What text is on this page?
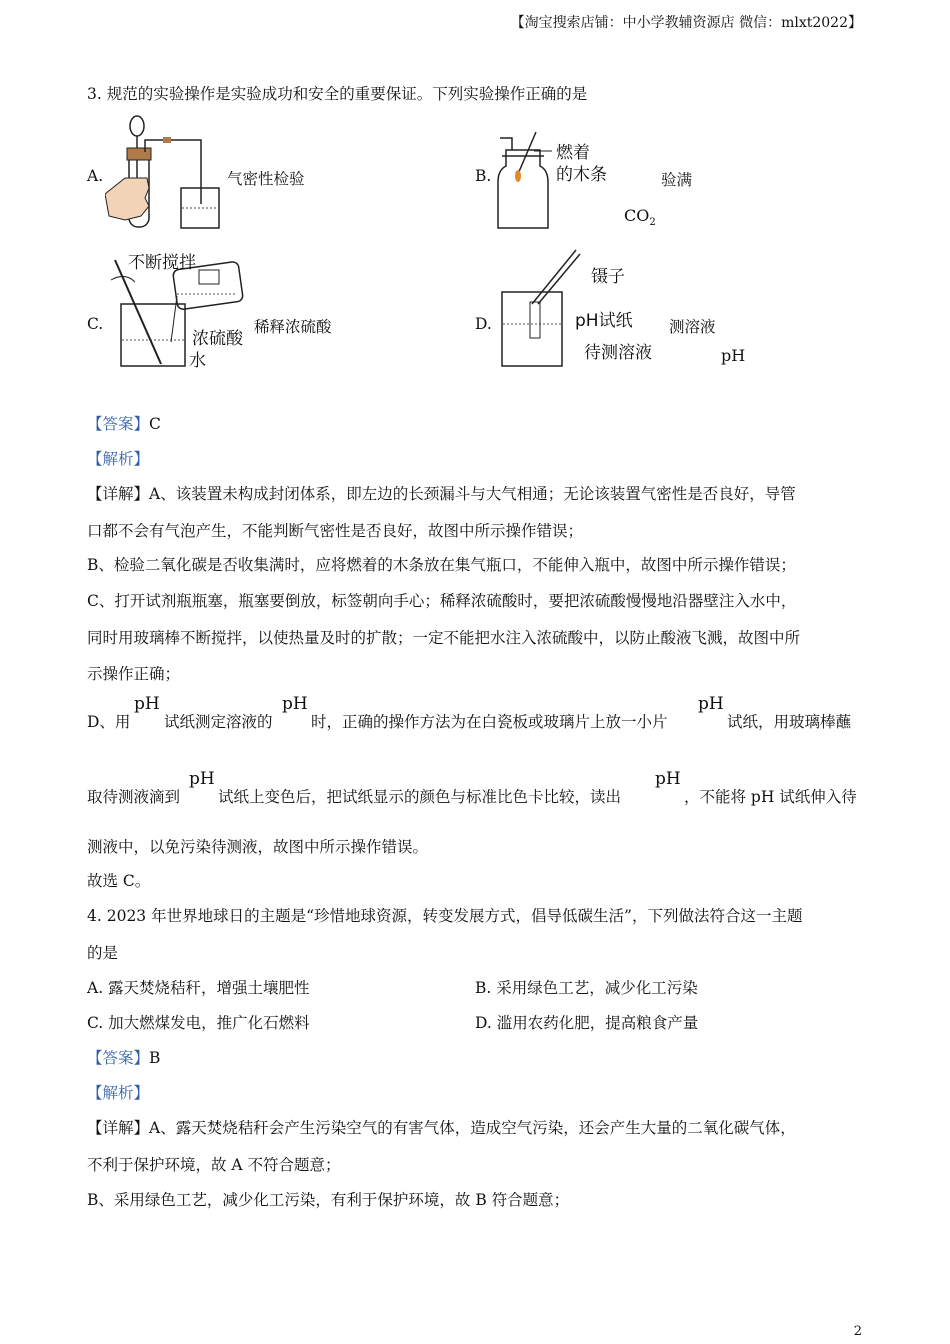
【淘宝搜索店铺：中小学教辅资源店 微信：mlxt2022】
3. 规范的实验操作是实验成功和安全的重要保证。下列实验操作正确的是
A.	气密性检验	B.
燃着
的木条	验满
$CO_2$
C.
不断搅拌
浓硫酸
水
稀释浓硫酸	D.
镊子
pH试纸
待测溶液
测溶液
pH
【答案】C
【解析】
【详解】A、该装置未构成封闭体系，即左边的长颈漏斗与大气相通；无论该装置气密性是否良好，导管
口都不会有气泡产生，不能判断气密性是否良好，故图中所示操作错误；
B、检验二氧化碳是否收集满时，应将燃着的木条放在集气瓶口，不能伸入瓶中，故图中所示操作错误；
C、打开试剂瓶瓶塞，瓶塞要倒放，标签朝向手心；稀释浓硫酸时，要把浓硫酸慢慢地沿器壁注入水中，
同时用玻璃棒不断搅拌，以使热量及时的扩散；一定不能把水注入浓硫酸中，以防止酸液飞溅，故图中所
示操作正确；
D、用
pH
试纸测定溶液的
pH
时，正确的操作方法为在白瓷板或玻璃片上放一小片
pH
试纸，用玻璃棒蘸
取待测液滴到
pH
试纸上变色后，把试纸显示的颜色与标准比色卡比较，读出
pH
，不能将 pH 试纸伸入待
测液中，以免污染待测液，故图中所示操作错误。
故选 C。
4. 2023 年世界地球日的主题是“珍惜地球资源，转变发展方式，倡导低碳生活”，下列做法符合这一主题
的是
A. 露天焚烧秸秆，增强土壤肥性	B. 采用绿色工艺，减少化工污染
C. 加大燃煤发电，推广化石燃料	D. 滥用农药化肥，提高粮食产量
【答案】B
【解析】
【详解】A、露天焚烧秸秆会产生污染空气的有害气体，造成空气污染，还会产生大量的二氧化碳气体，
不利于保护环境，故 A 不符合题意；
B、采用绿色工艺，减少化工污染，有利于保护环境，故 B 符合题意；
2
